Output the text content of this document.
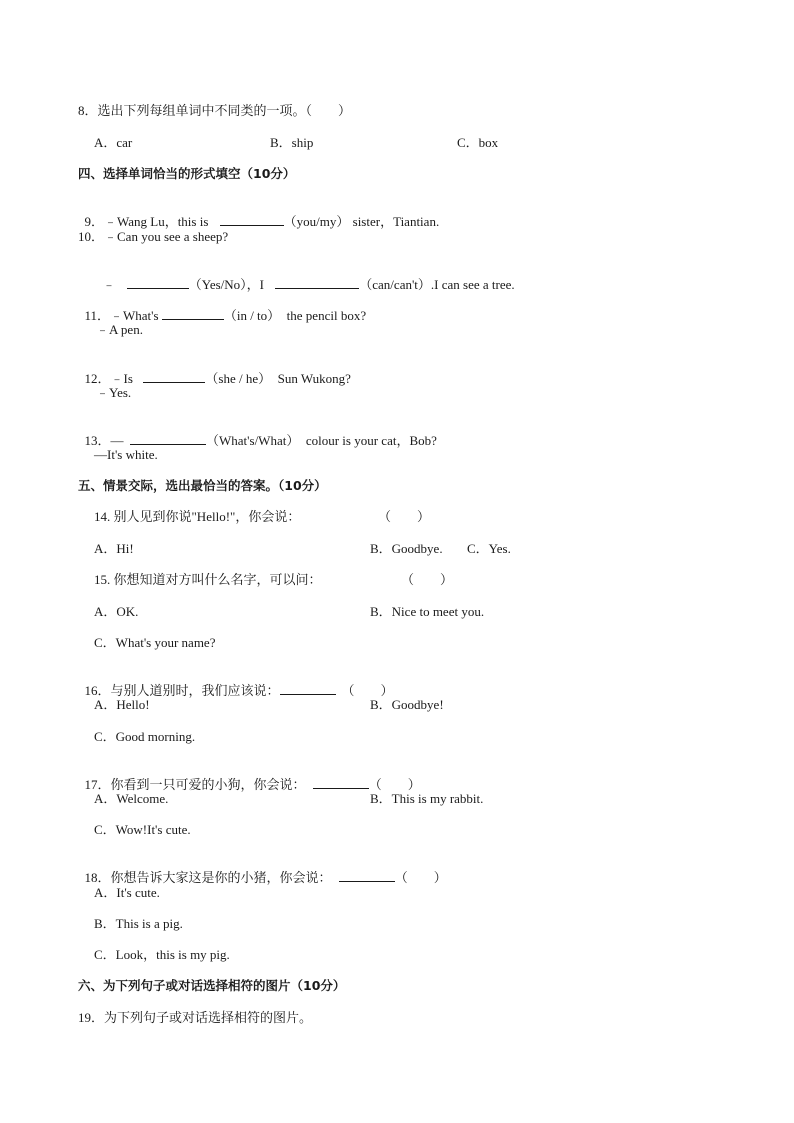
8．选出下列每组单词中不同类的一项。（　　）
A．car	B．ship	C．box
四、选择单词恰当的形式填空（10分）

9．﹣Wang Lu，this is	（you/my） sister，Tiantian.

10．﹣Can you see a sheep?

﹣	（Yes/No），I	（can/can't）.I can see a tree.

11．﹣What's	（in / to） the pencil box?

﹣A pen.

12．﹣Is	（she / he） Sun Wukong?

﹣Yes.

13．—	（What's/What） colour is your cat，Bob?

—It's white.
五、情景交际，选出最恰当的答案。（10分）
14. 别人见到你说"Hello!"，你会说：	（　　）
A．Hi!	B．Goodbye. C．Yes.
15. 你想知道对方叫什么名字，可以问：	（　　）
A．OK.	B．Nice to meet you.
C．What's your name?

16．与别人道别时，我们应该说：	（　　）

A．Hello!	B．Goodbye!
C．Good morning.

17．你看到一只可爱的小狗，你会说：	（　　）

A．Welcome.	B．This is my rabbit.
C．Wow!It's cute.

18．你想告诉大家这是你的小猪，你会说：	（　　）

A．It's cute.
B．This is a pig.
C．Look，this is my pig.
六、为下列句子或对话选择相符的图片（10分）
19．为下列句子或对话选择相符的图片。
